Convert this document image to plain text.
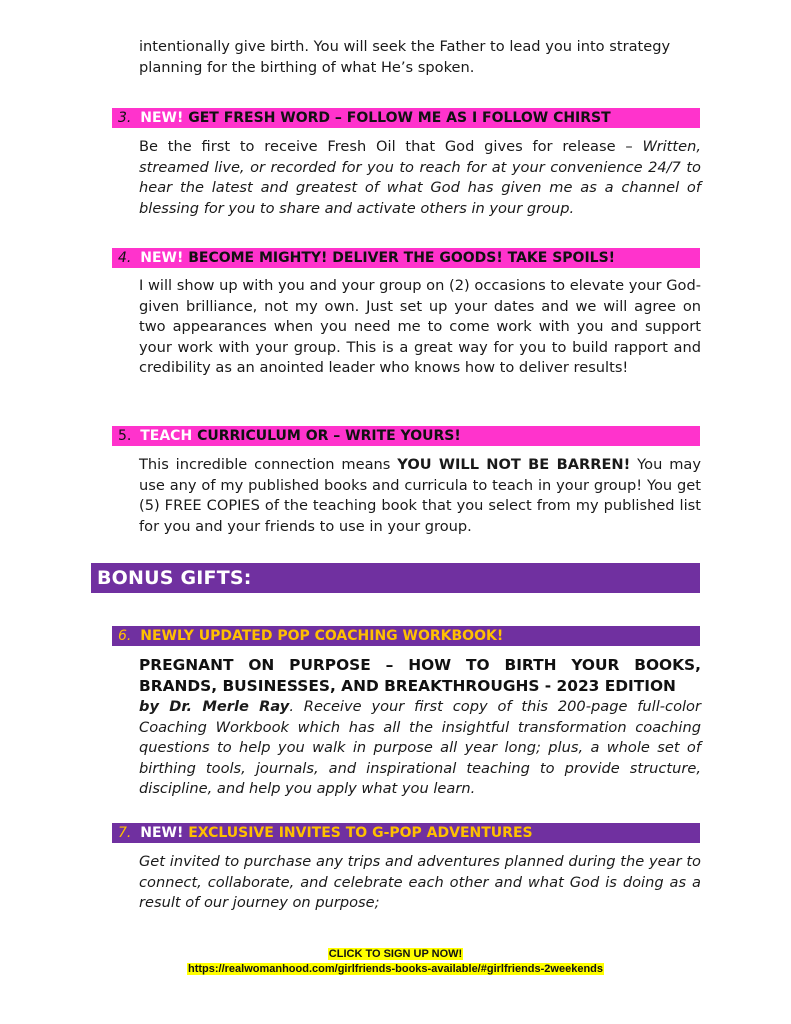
intentionally give birth. You will seek the Father to lead you into strategy
planning for the birthing of what He’s spoken.
3. NEW! GET FRESH WORD – FOLLOW ME AS I FOLLOW CHIRST
Be the first to receive Fresh Oil that God gives for release – Written, streamed live, or recorded for you to reach for at your convenience 24/7 to hear the latest and greatest of what God has given me as a channel of blessing for you to share and activate others in your group.
4. NEW! BECOME MIGHTY! DELIVER THE GOODS! TAKE SPOILS!
I will show up with you and your group on (2) occasions to elevate your God-given brilliance, not my own. Just set up your dates and we will agree on two appearances when you need me to come work with you and support your work with your group. This is a great way for you to build rapport and credibility as an anointed leader who knows how to deliver results!
5. TEACH CURRICULUM OR – WRITE YOURS!
This incredible connection means YOU WILL NOT BE BARREN! You may use any of my published books and curricula to teach in your group! You get (5) FREE COPIES of the teaching book that you select from my published list for you and your friends to use in your group.
BONUS GIFTS:
6. NEWLY UPDATED POP COACHING WORKBOOK!
PREGNANT ON PURPOSE – HOW TO BIRTH YOUR BOOKS, BRANDS, BUSINESSES, AND BREAKTHROUGHS - 2023 EDITION
by Dr. Merle Ray. Receive your first copy of this 200-page full-color Coaching Workbook which has all the insightful transformation coaching questions to help you walk in purpose all year long; plus, a whole set of birthing tools, journals, and inspirational teaching to provide structure, discipline, and help you apply what you learn.
7. NEW! EXCLUSIVE INVITES TO G-POP ADVENTURES
Get invited to purchase any trips and adventures planned during the year to connect, collaborate, and celebrate each other and what God is doing as a result of our journey on purpose;
CLICK TO SIGN UP NOW!
https://realwomanhood.com/girlfriends-books-available/#girlfriends-2weekends
